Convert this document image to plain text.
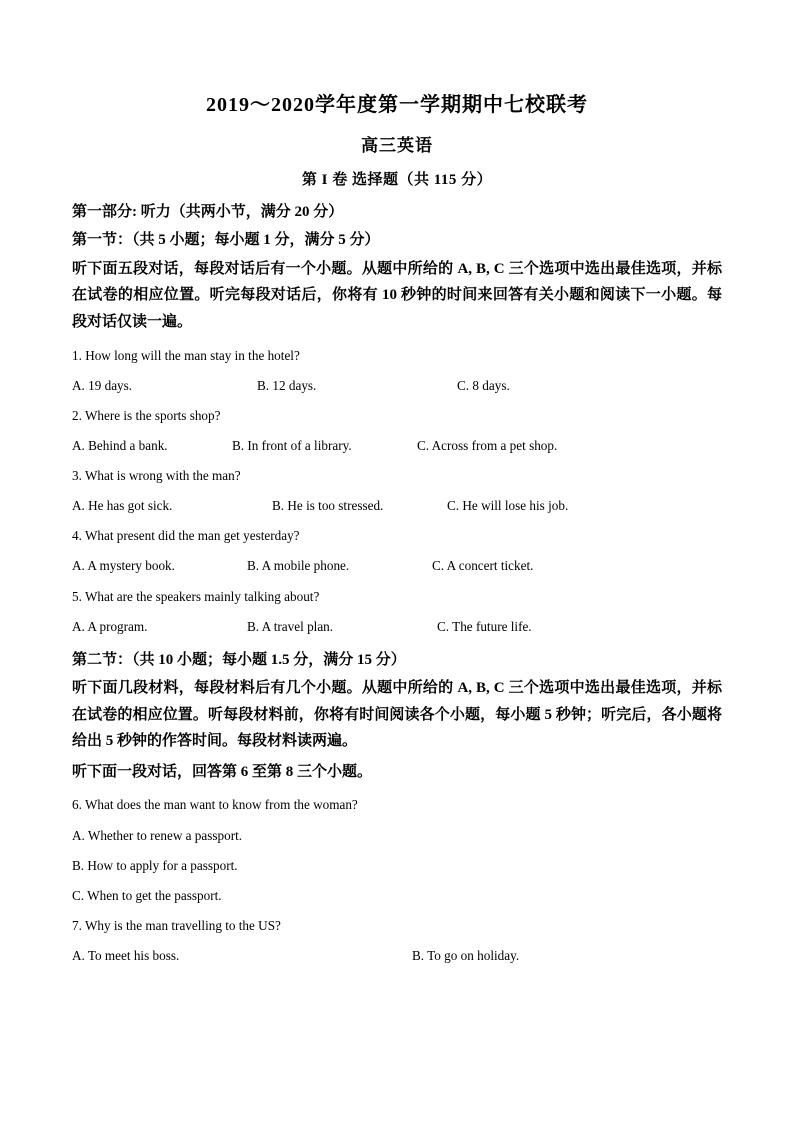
2019～2020学年度第一学期期中七校联考
高三英语
第 I 卷 选择题（共 115 分）
第一部分: 听力（共两小节，满分 20 分）
第一节：（共 5 小题；每小题 1 分，满分 5 分）
听下面五段对话，每段对话后有一个小题。从题中所给的 A, B, C 三个选项中选出最佳选项，并标在试卷的相应位置。听完每段对话后，你将有 10 秒钟的时间来回答有关小题和阅读下一小题。每段对话仅读一遍。
1. How long will the man stay in the hotel?
A. 19 days.	B. 12 days.	C. 8 days.
2. Where is the sports shop?
A. Behind a bank.	B. In front of a library.	C. Across from a pet shop.
3. What is wrong with the man?
A. He has got sick.	B. He is too stressed.	C. He will lose his job.
4. What present did the man get yesterday?
A. A mystery book.	B. A mobile phone.	C. A concert ticket.
5. What are the speakers mainly talking about?
A. A program.	B. A travel plan.	C. The future life.
第二节：（共 10 小题；每小题 1.5 分，满分 15 分）
听下面几段材料，每段材料后有几个小题。从题中所给的 A, B, C 三个选项中选出最佳选项，并标在试卷的相应位置。听每段材料前，你将有时间阅读各个小题，每小题 5 秒钟；听完后，各小题将给出 5 秒钟的作答时间。每段材料读两遍。
听下面一段对话，回答第 6 至第 8 三个小题。
6. What does the man want to know from the woman?
A. Whether to renew a passport.
B. How to apply for a passport.
C. When to get the passport.
7. Why is the man travelling to the US?
A. To meet his boss.	B. To go on holiday.
